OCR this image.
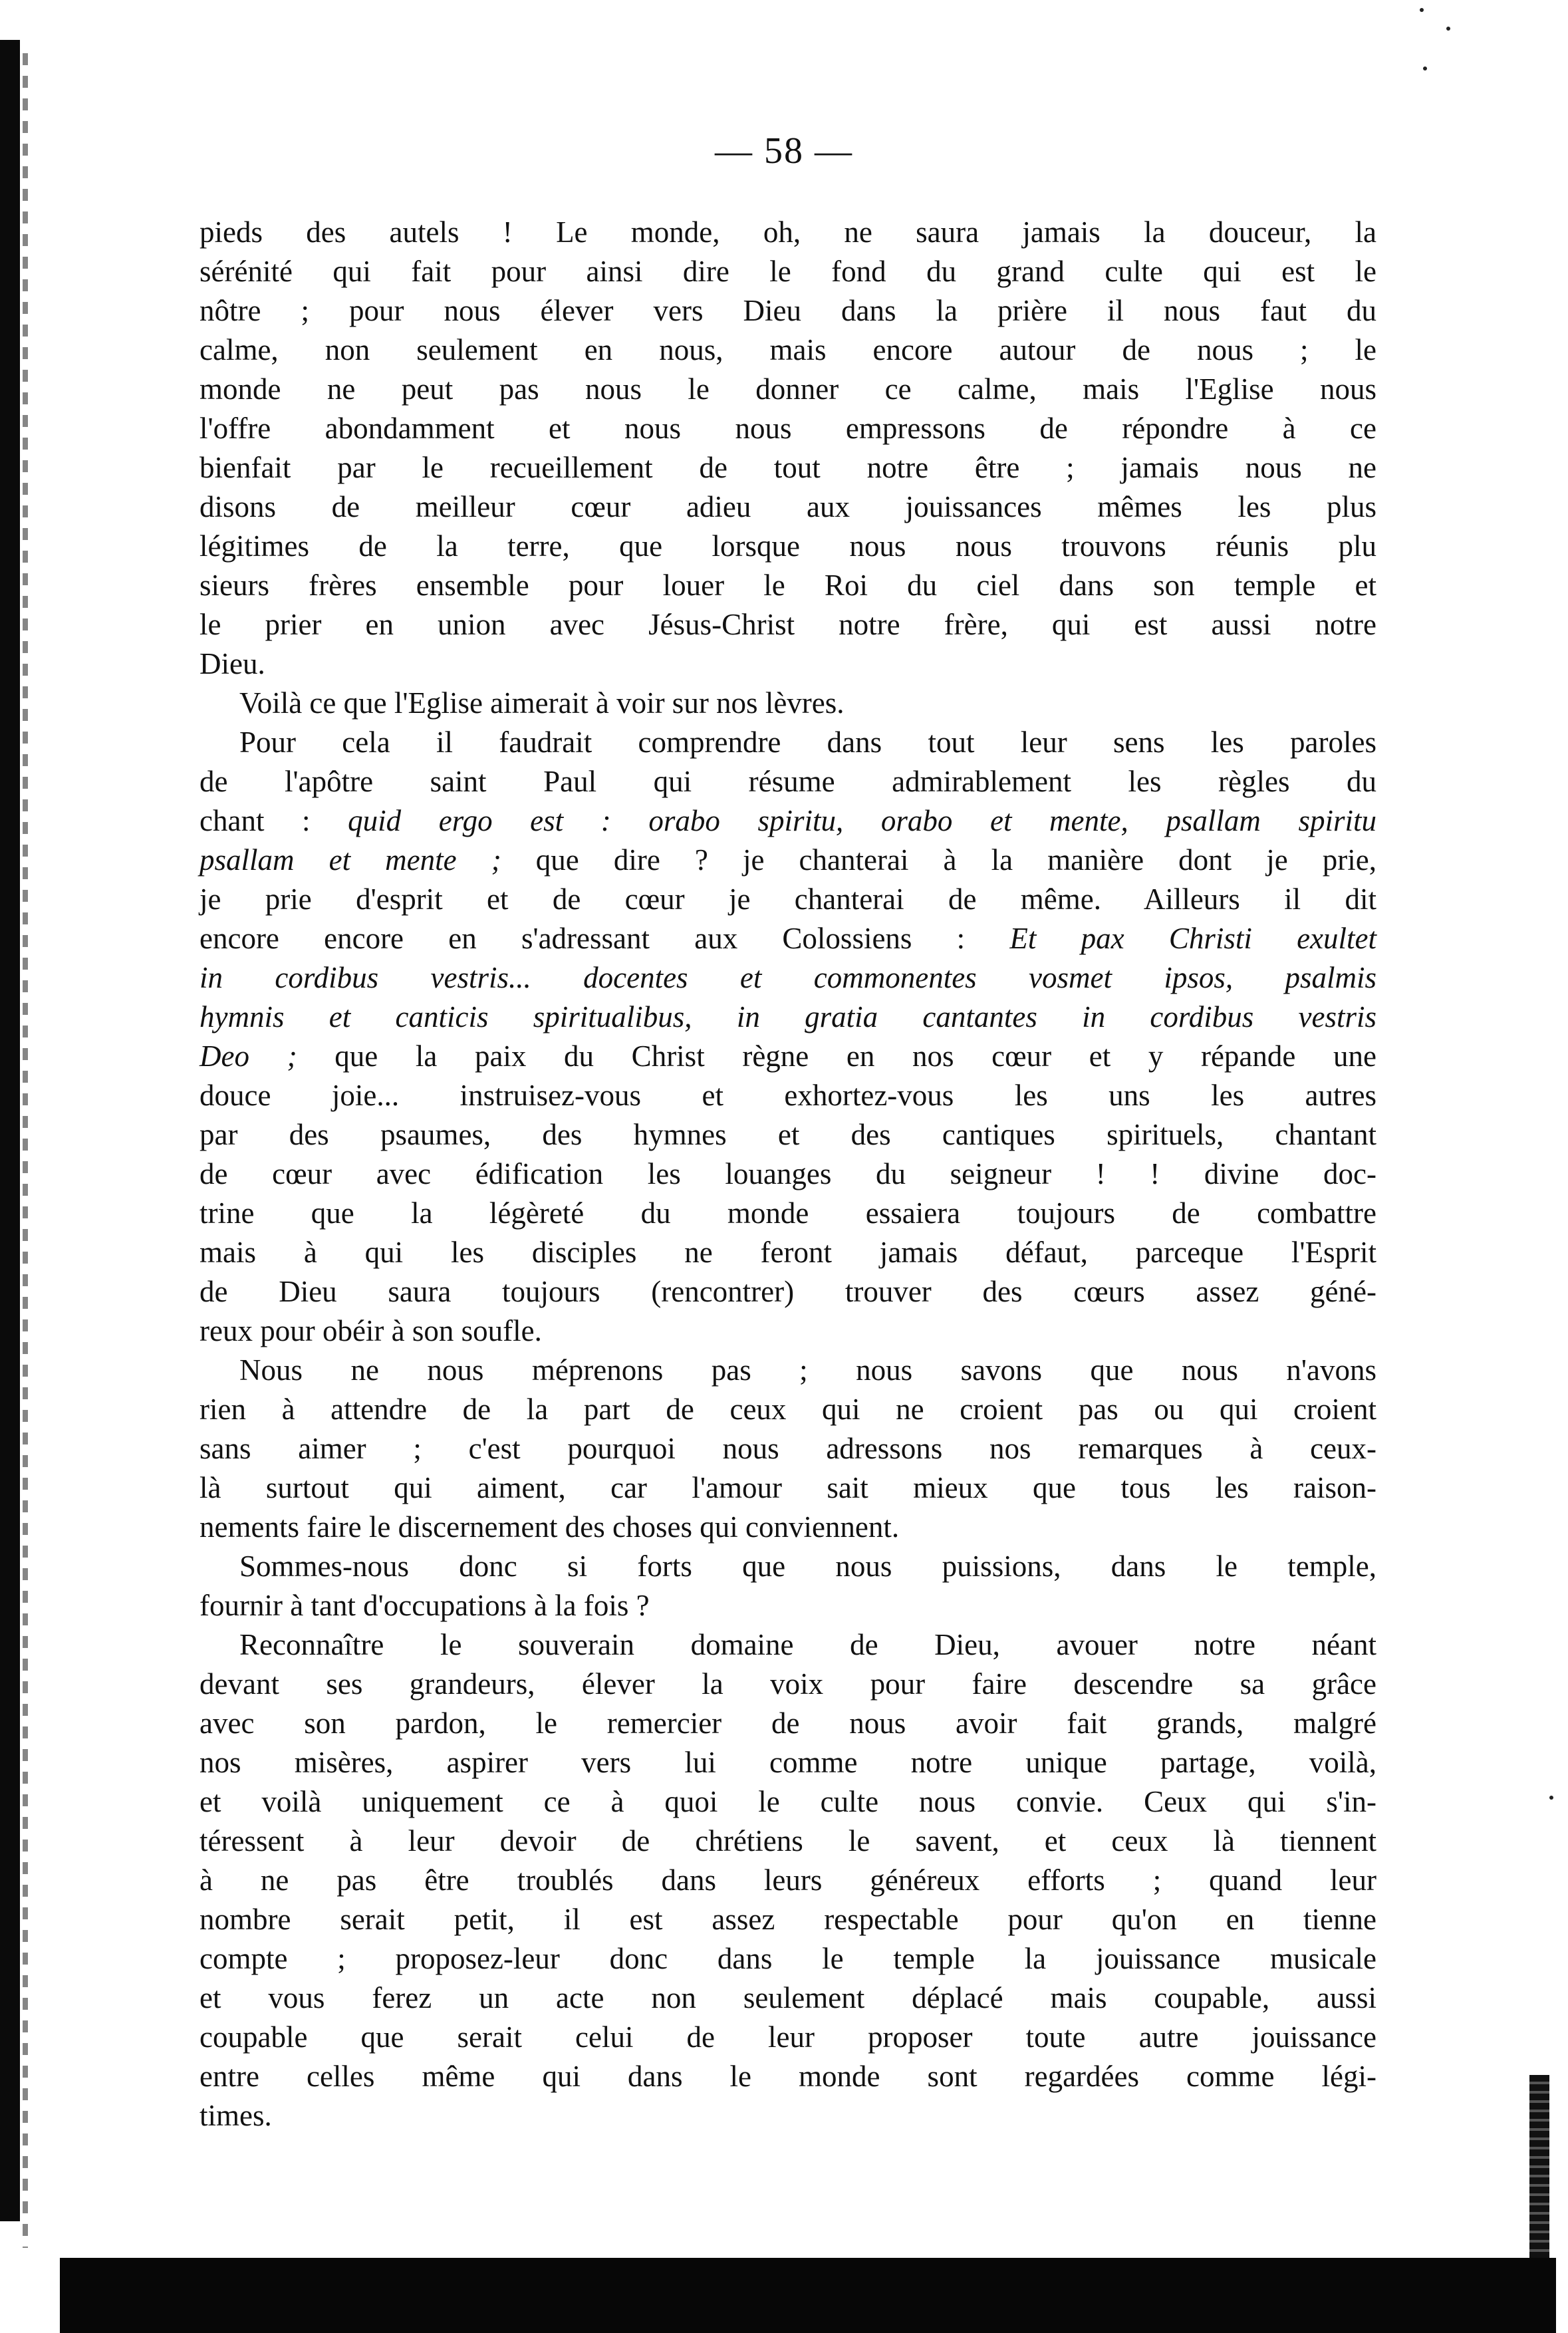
— 58 —
pieds des autels ! Le monde, oh, ne saura jamais la douceur, la
sérénité qui fait pour ainsi dire le fond du grand culte qui est le
nôtre ; pour nous élever vers Dieu dans la prière il nous faut du
calme, non seulement en nous, mais encore autour de nous ; le
monde ne peut pas nous le donner ce calme, mais l'Eglise nous
l'offre abondamment et nous nous empressons de répondre à ce
bienfait par le recueillement de tout notre être ; jamais nous ne
disons de meilleur cœur adieu aux jouissances mêmes les plus
légitimes de la terre, que lorsque nous nous trouvons réunis plu
sieurs frères ensemble pour louer le Roi du ciel dans son temple et
le prier en union avec Jésus-Christ notre frère, qui est aussi notre
Dieu.
Voilà ce que l'Eglise aimerait à voir sur nos lèvres.
Pour cela il faudrait comprendre dans tout leur sens les paroles
de l'apôtre saint Paul qui résume admirablement les règles du
chant : quid ergo est : orabo spiritu, orabo et mente, psallam spiritu
psallam et mente ; que dire ? je chanterai à la manière dont je prie,
je prie d'esprit et de cœur je chanterai de même. Ailleurs il dit
encore encore en s'adressant aux Colossiens : Et pax Christi exultet
in cordibus vestris... docentes et commonentes vosmet ipsos, psalmis
hymnis et canticis spiritualibus, in gratia cantantes in cordibus vestris
Deo ; que la paix du Christ règne en nos cœur et y répande une
douce joie... instruisez-vous et exhortez-vous les uns les autres
par des psaumes, des hymnes et des cantiques spirituels, chantant
de cœur avec édification les louanges du seigneur ! ! divine doc-
trine que la légèreté du monde essaiera toujours de combattre
mais à qui les disciples ne feront jamais défaut, parceque l'Esprit
de Dieu saura toujours (rencontrer) trouver des cœurs assez géné-
reux pour obéir à son soufle.
Nous ne nous méprenons pas ; nous savons que nous n'avons
rien à attendre de la part de ceux qui ne croient pas ou qui croient
sans aimer ; c'est pourquoi nous adressons nos remarques à ceux-
là surtout qui aiment, car l'amour sait mieux que tous les raison-
nements faire le discernement des choses qui conviennent.
Sommes-nous donc si forts que nous puissions, dans le temple,
fournir à tant d'occupations à la fois ?
Reconnaître le souverain domaine de Dieu, avouer notre néant
devant ses grandeurs, élever la voix pour faire descendre sa grâce
avec son pardon, le remercier de nous avoir fait grands, malgré
nos misères, aspirer vers lui comme notre unique partage, voilà,
et voilà uniquement ce à quoi le culte nous convie. Ceux qui s'in-
téressent à leur devoir de chrétiens le savent, et ceux là tiennent
à ne pas être troublés dans leurs généreux efforts ; quand leur
nombre serait petit, il est assez respectable pour qu'on en tienne
compte ; proposez-leur donc dans le temple la jouissance musicale
et vous ferez un acte non seulement déplacé mais coupable, aussi
coupable que serait celui de leur proposer toute autre jouissance
entre celles même qui dans le monde sont regardées comme légi-
times.
